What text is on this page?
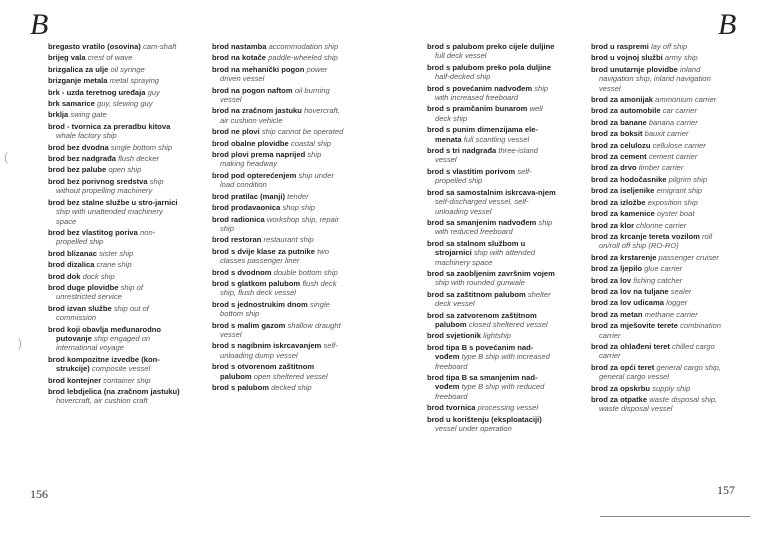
B	B
(
)
bregasto vratilo (osovina) cam-shaft
brijeg vala crest of wave
brizgalica za ulje oil syringe
brizganje metala metal spraying
brk - uzda teretnog uređaja guy
brk samarice guy, slewing guy
brklja swing gate
brod - tvornica za preradbu kitova whale factory ship
brod bez dvodna single bottom ship
brod bez nadgrađa flush decker
brod bez palube open ship
brod bez porivnog sredstva ship without propelling machinery
brod bez stalne službe u stro-jarnici ship with unattended machinery space
brod bez vlastitog poriva non-propelled ship
brod blizanac sister ship
brod dizalica crane ship
brod dok dock ship
brod duge plovidbe ship of unrestricted service
brod izvan službe ship out of commission
brod koji obavlja međunarodno putovanje ship engaged on international voyage
brod kompozitne izvedbe (kon-strukcije) composite vessel
brod kontejner container ship
brod lebdjelica (na zračnom jastuku) hovercraft, air cushion craft
brod nastamba accommodation ship
brod na kotače paddle-wheeled ship
brod na mehanički pogon power driven vessel
brod na pogon naftom oil burning vessel
brod na zračnom jastuku hovercraft, air cushion vehicle
brod ne plovi ship cannot be operated
brod obalne plovidbe coastal ship
brod plovi prema naprijed ship making headway
brod pod opterećenjem ship under load condition
brod pratilac (manji) tender
brod prodavaonica shop ship
brod radionica workshop ship, repair ship
brod restoran restaurant ship
brod s dvije klase za putnike two classes passenger liner
brod s dvodnom double bottom ship
brod s glatkom palubom flush deck ship, flush deck vessel
brod s jednostrukim dnom single bottom ship
brod s malim gazom shallow draught vessel
brod s nagibnim iskrcavanjem self-unloading dump vessel
brod s otvorenom zaštitnom palubom open sheltered vessel
brod s palubom decked ship
brod s palubom preko cijele duljine full deck vessel
brod s palubom preko pola duljine half-decked ship
brod s povećanim nadvođem ship with increased freeboard
brod s pramčanim bunarom well deck ship
brod s punim dimenzijama ele-menata full scantling vessel
brod s tri nadgrađa three-island vessel
brod s vlastitim porivom self-propelled ship
brod sa samostalnim iskrcava-njem self-discharged vessel, self-unloading vessel
brod sa smanjenim nadvođem ship with reduced freeboard
brod sa stalnom službom u strojarnici ship with attended machinery space
brod sa zaobljenim završnim vojem ship with rounded gunwale
brod sa zaštitnom palubom shelter deck vessel
brod sa zatvorenom zaštitnom palubom closed sheltered vessel
brod svjetionik lightship
brod tipa B s povećanim nad-vođem type B ship with increased freeboard
brod tipa B sa smanjenim nad-vođem type B ship with reduced freeboard
brod tvornica processing vessel
brod u korištenju (eksploataciji) vessel under operation
brod u raspremi lay off ship
brod u vojnoj službi army ship
brod unutarnje plovidbe inland navigation ship, inland navigation vessel
brod za amonijak ammonium carrier
brod za automobile car carrier
brod za banane banana carrier
brod za boksit bauxit carrier
brod za celulozu cellulose carrier
brod za cement cement carrier
brod za drvo timber carrier
brod za hodočasnike pilgrim ship
brod za iseljenike emigrant ship
brod za izložbe exposition ship
brod za kamenice oyster boat
brod za klor chlorine carrier
brod za krcanje tereta vozilom roll on/roll off ship (RO-RO)
brod za krstarenje passenger cruiser
brod za ljepilo glue carrier
brod za lov fishing catcher
brod za lov na tuljane sealer
brod za lov udicama logger
brod za metan methane carrier
brod za mješovite terete combination carrier
brod za ohlađeni teret chilled cargo carrier
brod za opći teret general cargo ship, general cargo vessel
brod za opskrbu supply ship
brod za otpatke waste disposal ship, waste disposal vessel
156	157
